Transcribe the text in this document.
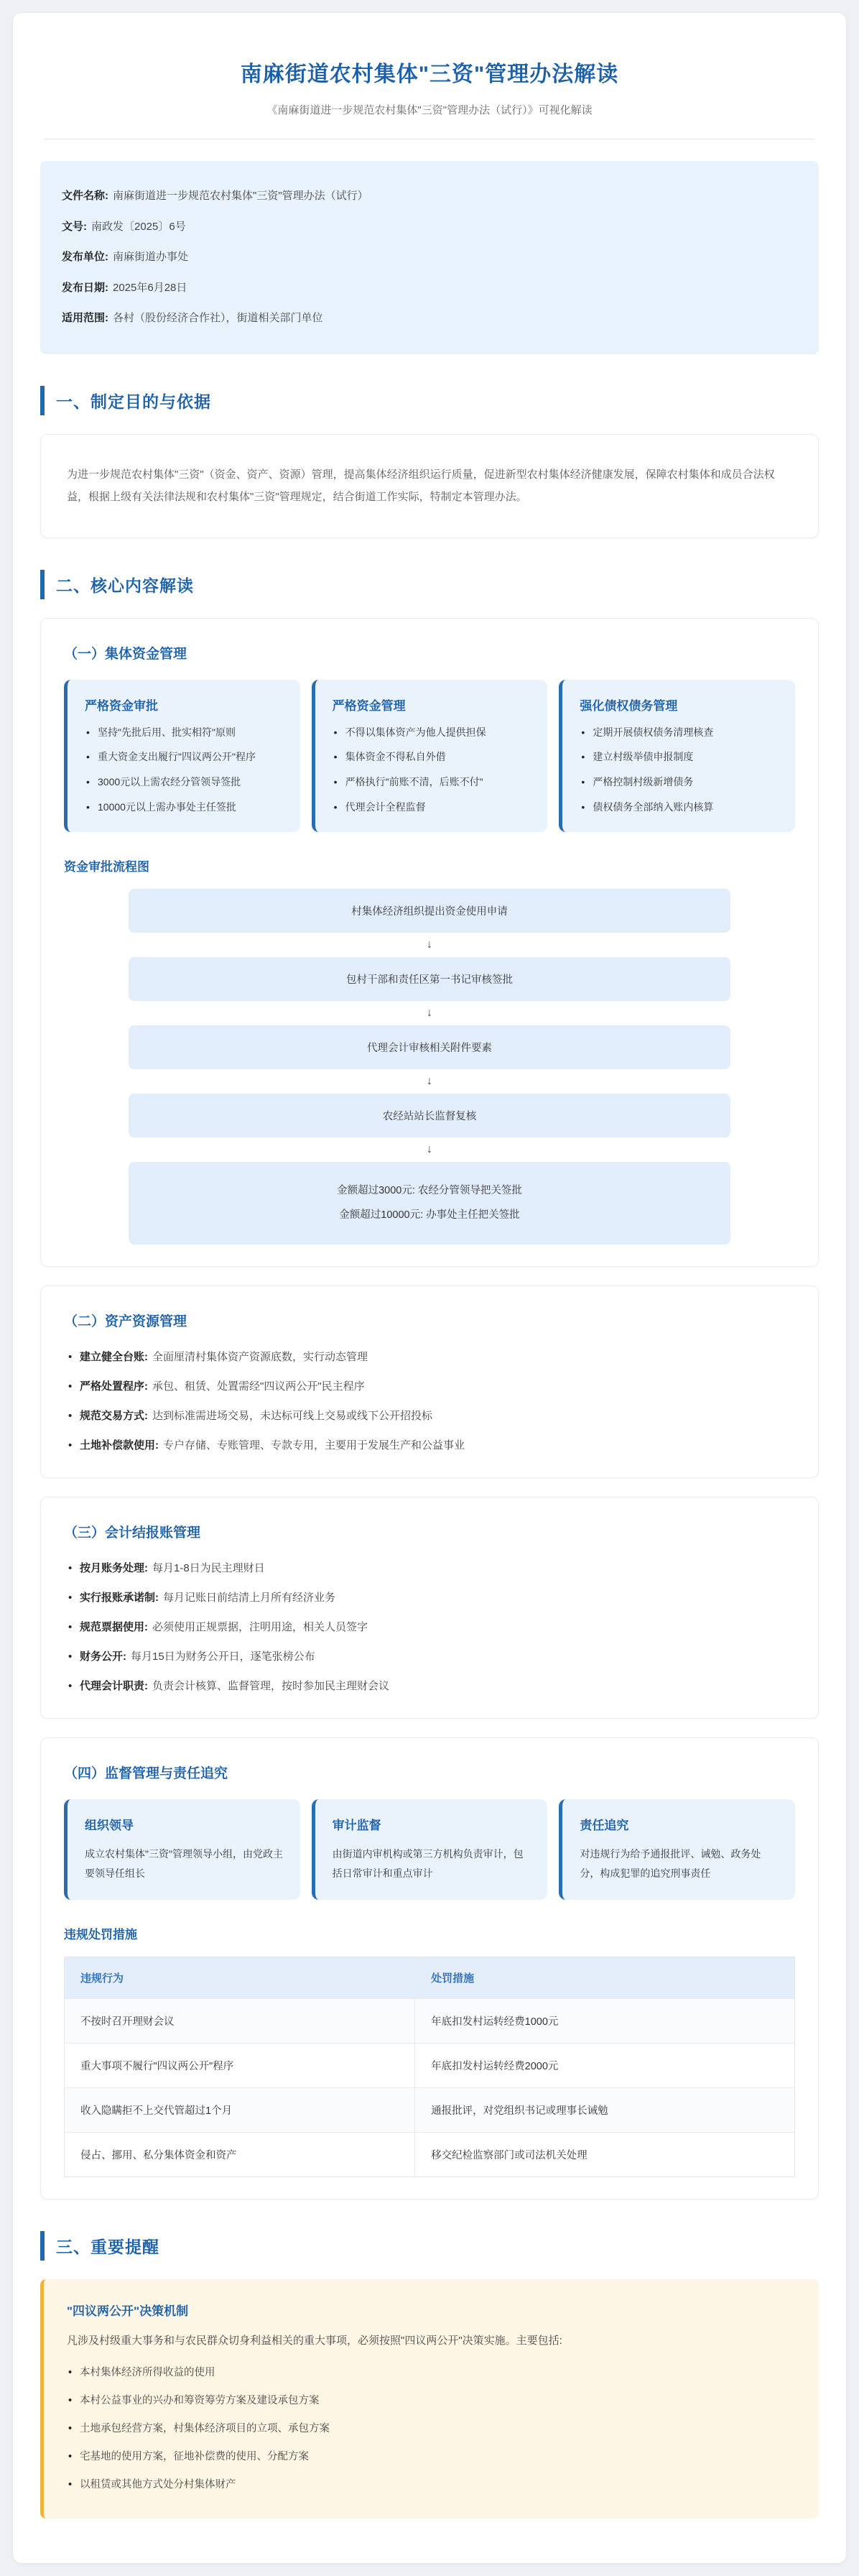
南麻街道农村集体"三资"管理办法解读
《南麻街道进一步规范农村集体"三资"管理办法（试行）》可视化解读
文件名称: 南麻街道进一步规范农村集体"三资"管理办法（试行）
文号: 南政发〔2025〕6号
发布单位: 南麻街道办事处
发布日期: 2025年6月28日
适用范围: 各村（股份经济合作社），街道相关部门单位
一、制定目的与依据

为进一步规范农村集体"三资"（资金、资产、资源）管理，提高集体经济组织运行质量，促进新型农村集体经济健康发展，保障农村集体和成员合法权益，根据上级有关法律法规和农村集体"三资"管理规定，结合街道工作实际，特制定本管理办法。

二、核心内容解读
（一）集体资金管理
严格资金审批
• 坚持"先批后用、批实相符"原则
• 重大资金支出履行"四议两公开"程序
• 3000元以上需农经分管领导签批
• 10000元以上需办事处主任签批
严格资金管理
• 不得以集体资产为他人提供担保
• 集体资金不得私自外借
• 严格执行"前账不清，后账不付"
• 代理会计全程监督
强化债权债务管理
• 定期开展债权债务清理核查
• 建立村级举债申报制度
• 严格控制村级新增债务
• 债权债务全部纳入账内核算
资金审批流程图
村集体经济组织提出资金使用申请
↓
包村干部和责任区第一书记审核签批
↓
代理会计审核相关附件要素
↓
农经站站长监督复核
↓
金额超过3000元: 农经分管领导把关签批
金额超过10000元: 办事处主任把关签批
（二）资产资源管理
• 建立健全台账: 全面厘清村集体资产资源底数，实行动态管理
• 严格处置程序: 承包、租赁、处置需经"四议两公开"民主程序
• 规范交易方式: 达到标准需进场交易，未达标可线上交易或线下公开招投标
• 土地补偿款使用: 专户存储、专账管理、专款专用，主要用于发展生产和公益事业
（三）会计结报账管理
• 按月账务处理: 每月1-8日为民主理财日
• 实行报账承诺制: 每月记账日前结清上月所有经济业务
• 规范票据使用: 必须使用正规票据，注明用途，相关人员签字
• 财务公开: 每月15日为财务公开日，逐笔张榜公布
• 代理会计职责: 负责会计核算、监督管理，按时参加民主理财会议
（四）监督管理与责任追究
组织领导
成立农村集体"三资"管理领导小组，由党政主要领导任组长
审计监督
由街道内审机构或第三方机构负责审计，包括日常审计和重点审计
责任追究
对违规行为给予通报批评、诫勉、政务处分，构成犯罪的追究刑事责任
违规处罚措施
违规行为	处罚措施
不按时召开理财会议	年底扣发村运转经费1000元
重大事项不履行"四议两公开"程序	年底扣发村运转经费2000元
收入隐瞒拒不上交代管超过1个月	通报批评，对党组织书记或理事长诫勉
侵占、挪用、私分集体资金和资产	移交纪检监察部门或司法机关处理
三、重要提醒
"四议两公开"决策机制

凡涉及村级重大事务和与农民群众切身利益相关的重大事项，必须按照"四议两公开"决策实施。主要包括:

• 本村集体经济所得收益的使用
• 本村公益事业的兴办和筹资筹劳方案及建设承包方案
• 土地承包经营方案，村集体经济项目的立项、承包方案
• 宅基地的使用方案，征地补偿费的使用、分配方案
• 以租赁或其他方式处分村集体财产
